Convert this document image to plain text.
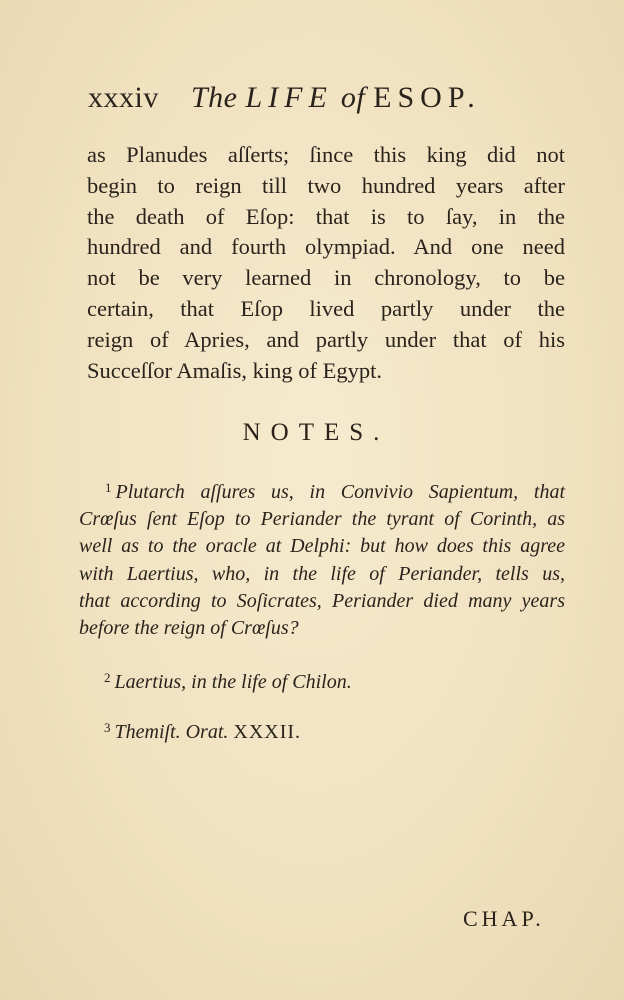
xxxiv The LIFE of ESOP.
as Planudes aſſerts; ſince this king did not
begin to reign till two hundred years after
the death of Eſop: that is to ſay, in the
hundred and fourth olympiad. And one need
not be very learned in chronology, to be
certain, that Eſop lived partly under the
reign of Apries, and partly under that of his
Succeſſor Amaſis, king of Egypt.
NOTES.
$^1$ Plutarch aſſures us, in Convivio Sapientum, that
Crœſus ſent Eſop to Periander the tyrant of Corinth, as
well as to the oracle at Delphi: but how does this agree
with Laertius, who, in the life of Periander, tells us,
that according to Soſicrates, Periander died many years
before the reign of Crœſus?
$^2$ Laertius, in the life of Chilon.
$^3$ Themiſt. Orat. XXXII.
CHAP.
